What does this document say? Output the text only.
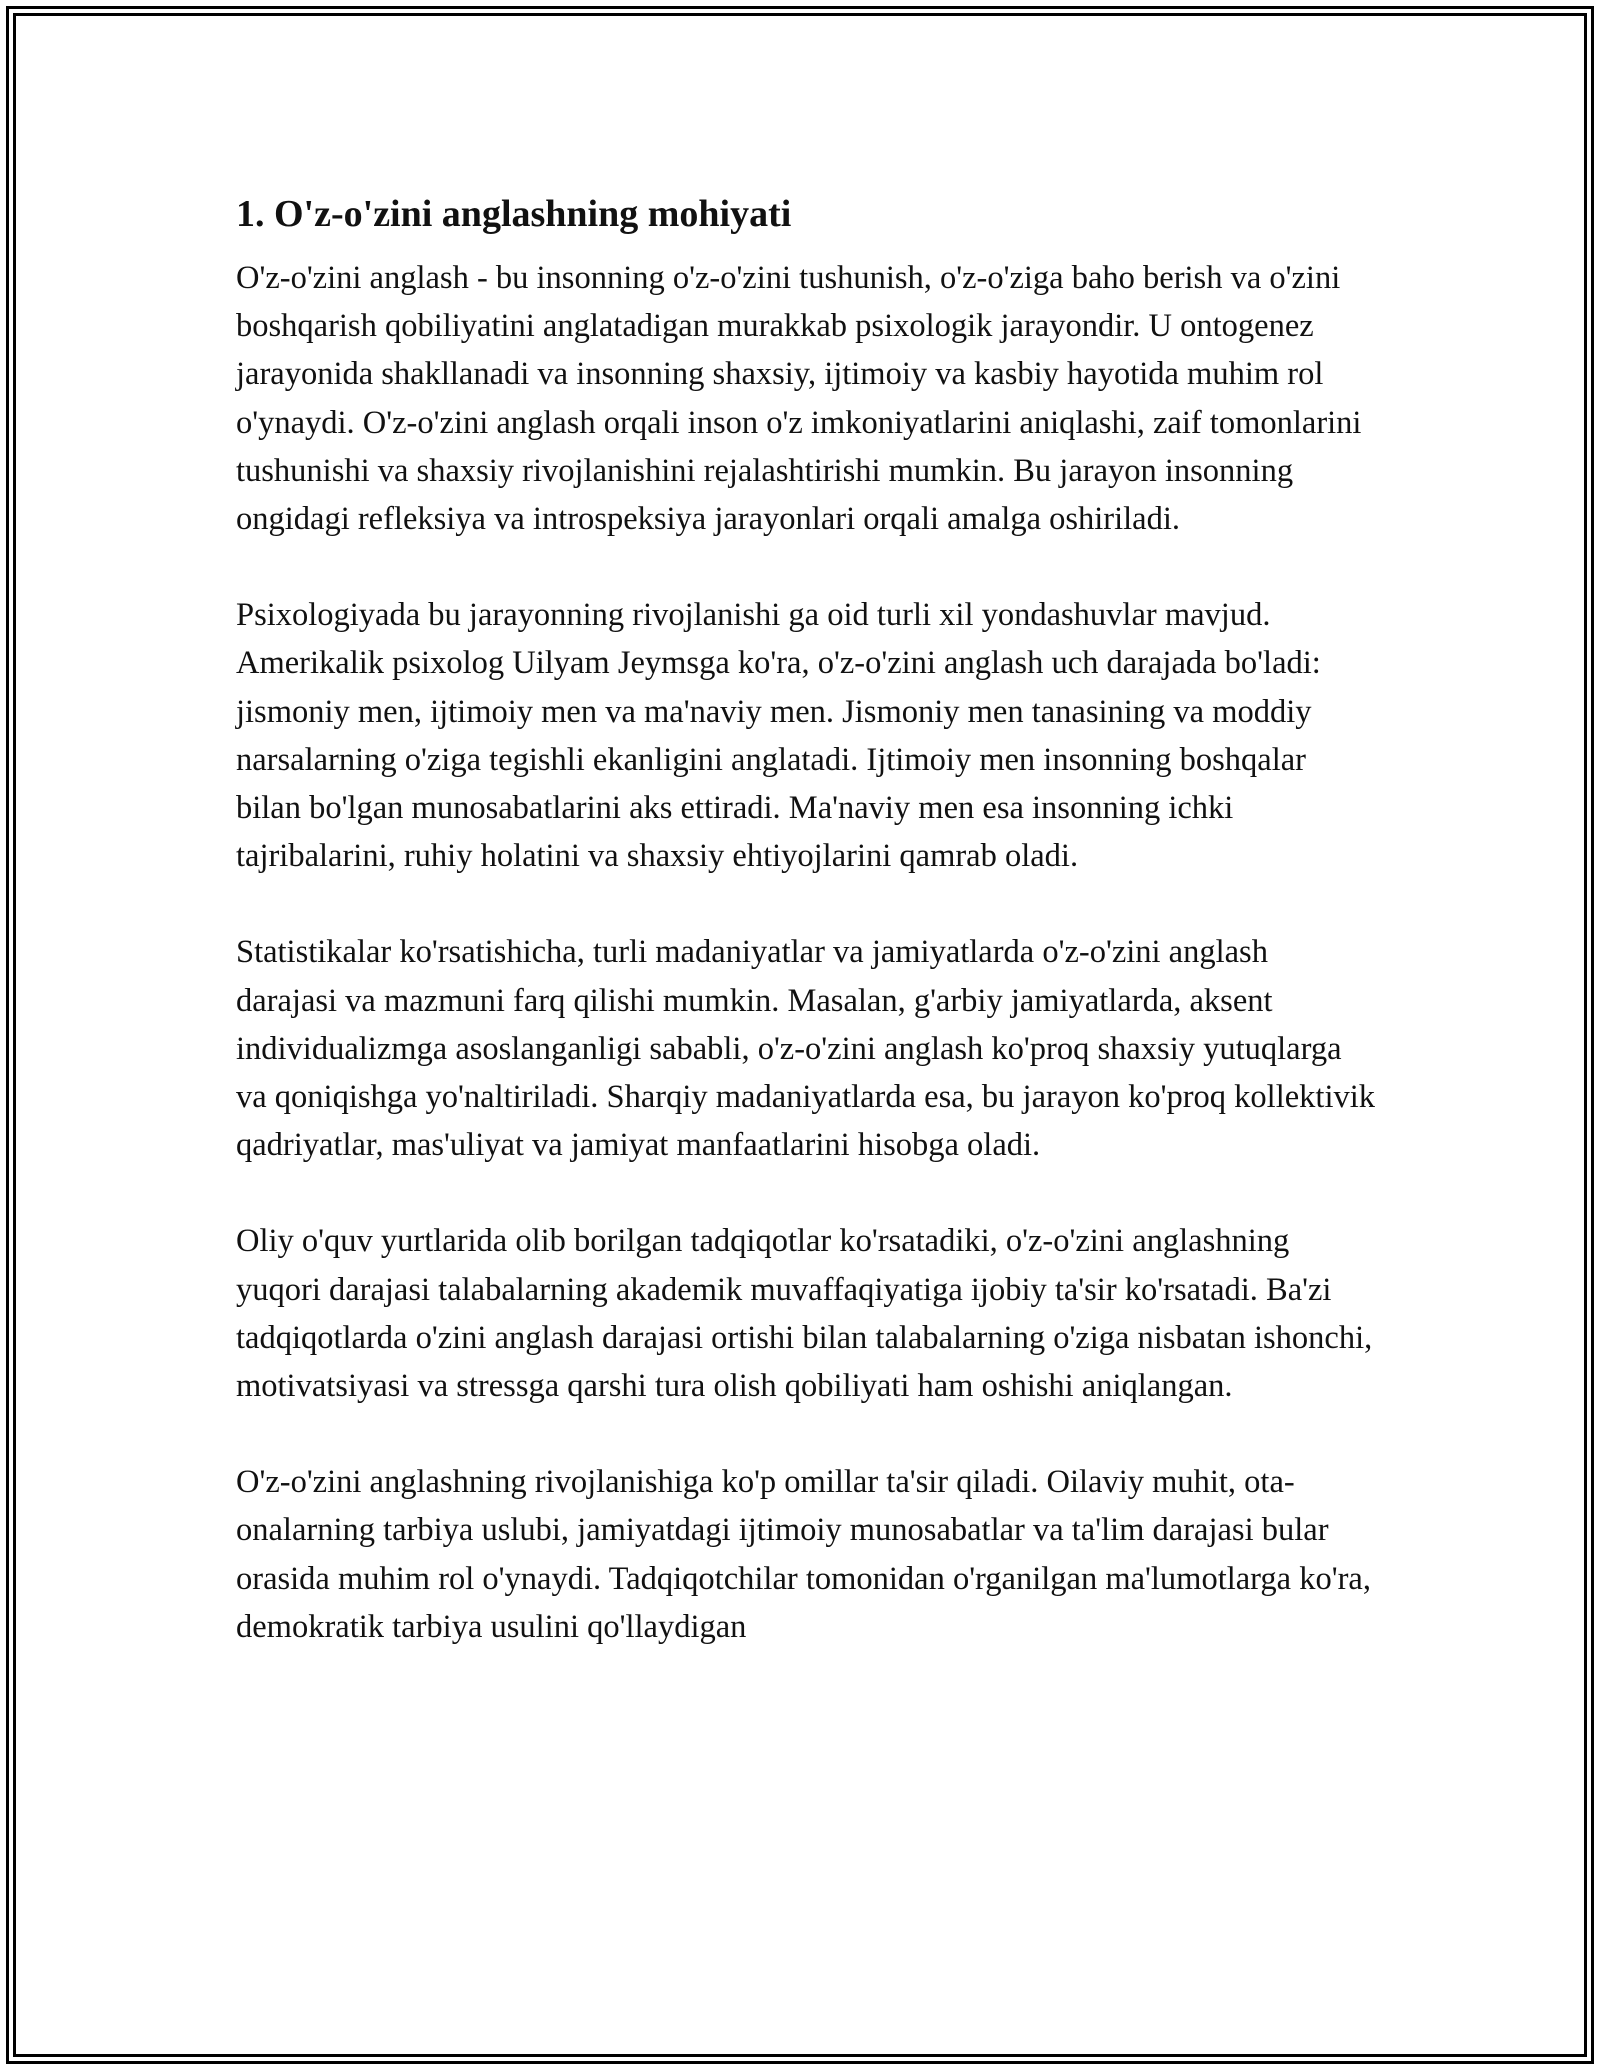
1. O'z-o'zini anglashning mohiyati

O'z-o'zini anglash - bu insonning o'z-o'zini tushunish, o'z-o'ziga baho berish va o'zini boshqarish qobiliyatini anglatadigan murakkab psixologik jarayondir. U ontogenez jarayonida shakllanadi va insonning shaxsiy, ijtimoiy va kasbiy hayotida muhim rol o'ynaydi. O'z-o'zini anglash orqali inson o'z imkoniyatlarini aniqlashi, zaif tomonlarini tushunishi va shaxsiy rivojlanishini rejalashtirishi mumkin. Bu jarayon insonning ongidagi refleksiya va introspeksiya jarayonlari orqali amalga oshiriladi.

Psixologiyada bu jarayonning rivojlanishi ga oid turli xil yondashuvlar mavjud. Amerikalik psixolog Uilyam Jeymsga ko'ra, o'z-o'zini anglash uch darajada bo'ladi: jismoniy men, ijtimoiy men va ma'naviy men. Jismoniy men tanasining va moddiy narsalarning o'ziga tegishli ekanligini anglatadi. Ijtimoiy men insonning boshqalar bilan bo'lgan munosabatlarini aks ettiradi. Ma'naviy men esa insonning ichki tajribalarini, ruhiy holatini va shaxsiy ehtiyojlarini qamrab oladi.

Statistikalar ko'rsatishicha, turli madaniyatlar va jamiyatlarda o'z-o'zini anglash darajasi va mazmuni farq qilishi mumkin. Masalan, g'arbiy jamiyatlarda, aksent individualizmga asoslanganligi sababli, o'z-o'zini anglash ko'proq shaxsiy yutuqlarga va qoniqishga yo'naltiriladi. Sharqiy madaniyatlarda esa, bu jarayon ko'proq kollektivik qadriyatlar, mas'uliyat va jamiyat manfaatlarini hisobga oladi.

Oliy o'quv yurtlarida olib borilgan tadqiqotlar ko'rsatadiki, o'z-o'zini anglashning yuqori darajasi talabalarning akademik muvaffaqiyatiga ijobiy ta'sir ko'rsatadi. Ba'zi tadqiqotlarda o'zini anglash darajasi ortishi bilan talabalarning o'ziga nisbatan ishonchi, motivatsiyasi va stressga qarshi tura olish qobiliyati ham oshishi aniqlangan.

O'z-o'zini anglashning rivojlanishiga ko'p omillar ta'sir qiladi. Oilaviy muhit, ota-onalarning tarbiya uslubi, jamiyatdagi ijtimoiy munosabatlar va ta'lim darajasi bular orasida muhim rol o'ynaydi. Tadqiqotchilar tomonidan o'rganilgan ma'lumotlarga ko'ra, demokratik tarbiya usulini qo'llaydigan
